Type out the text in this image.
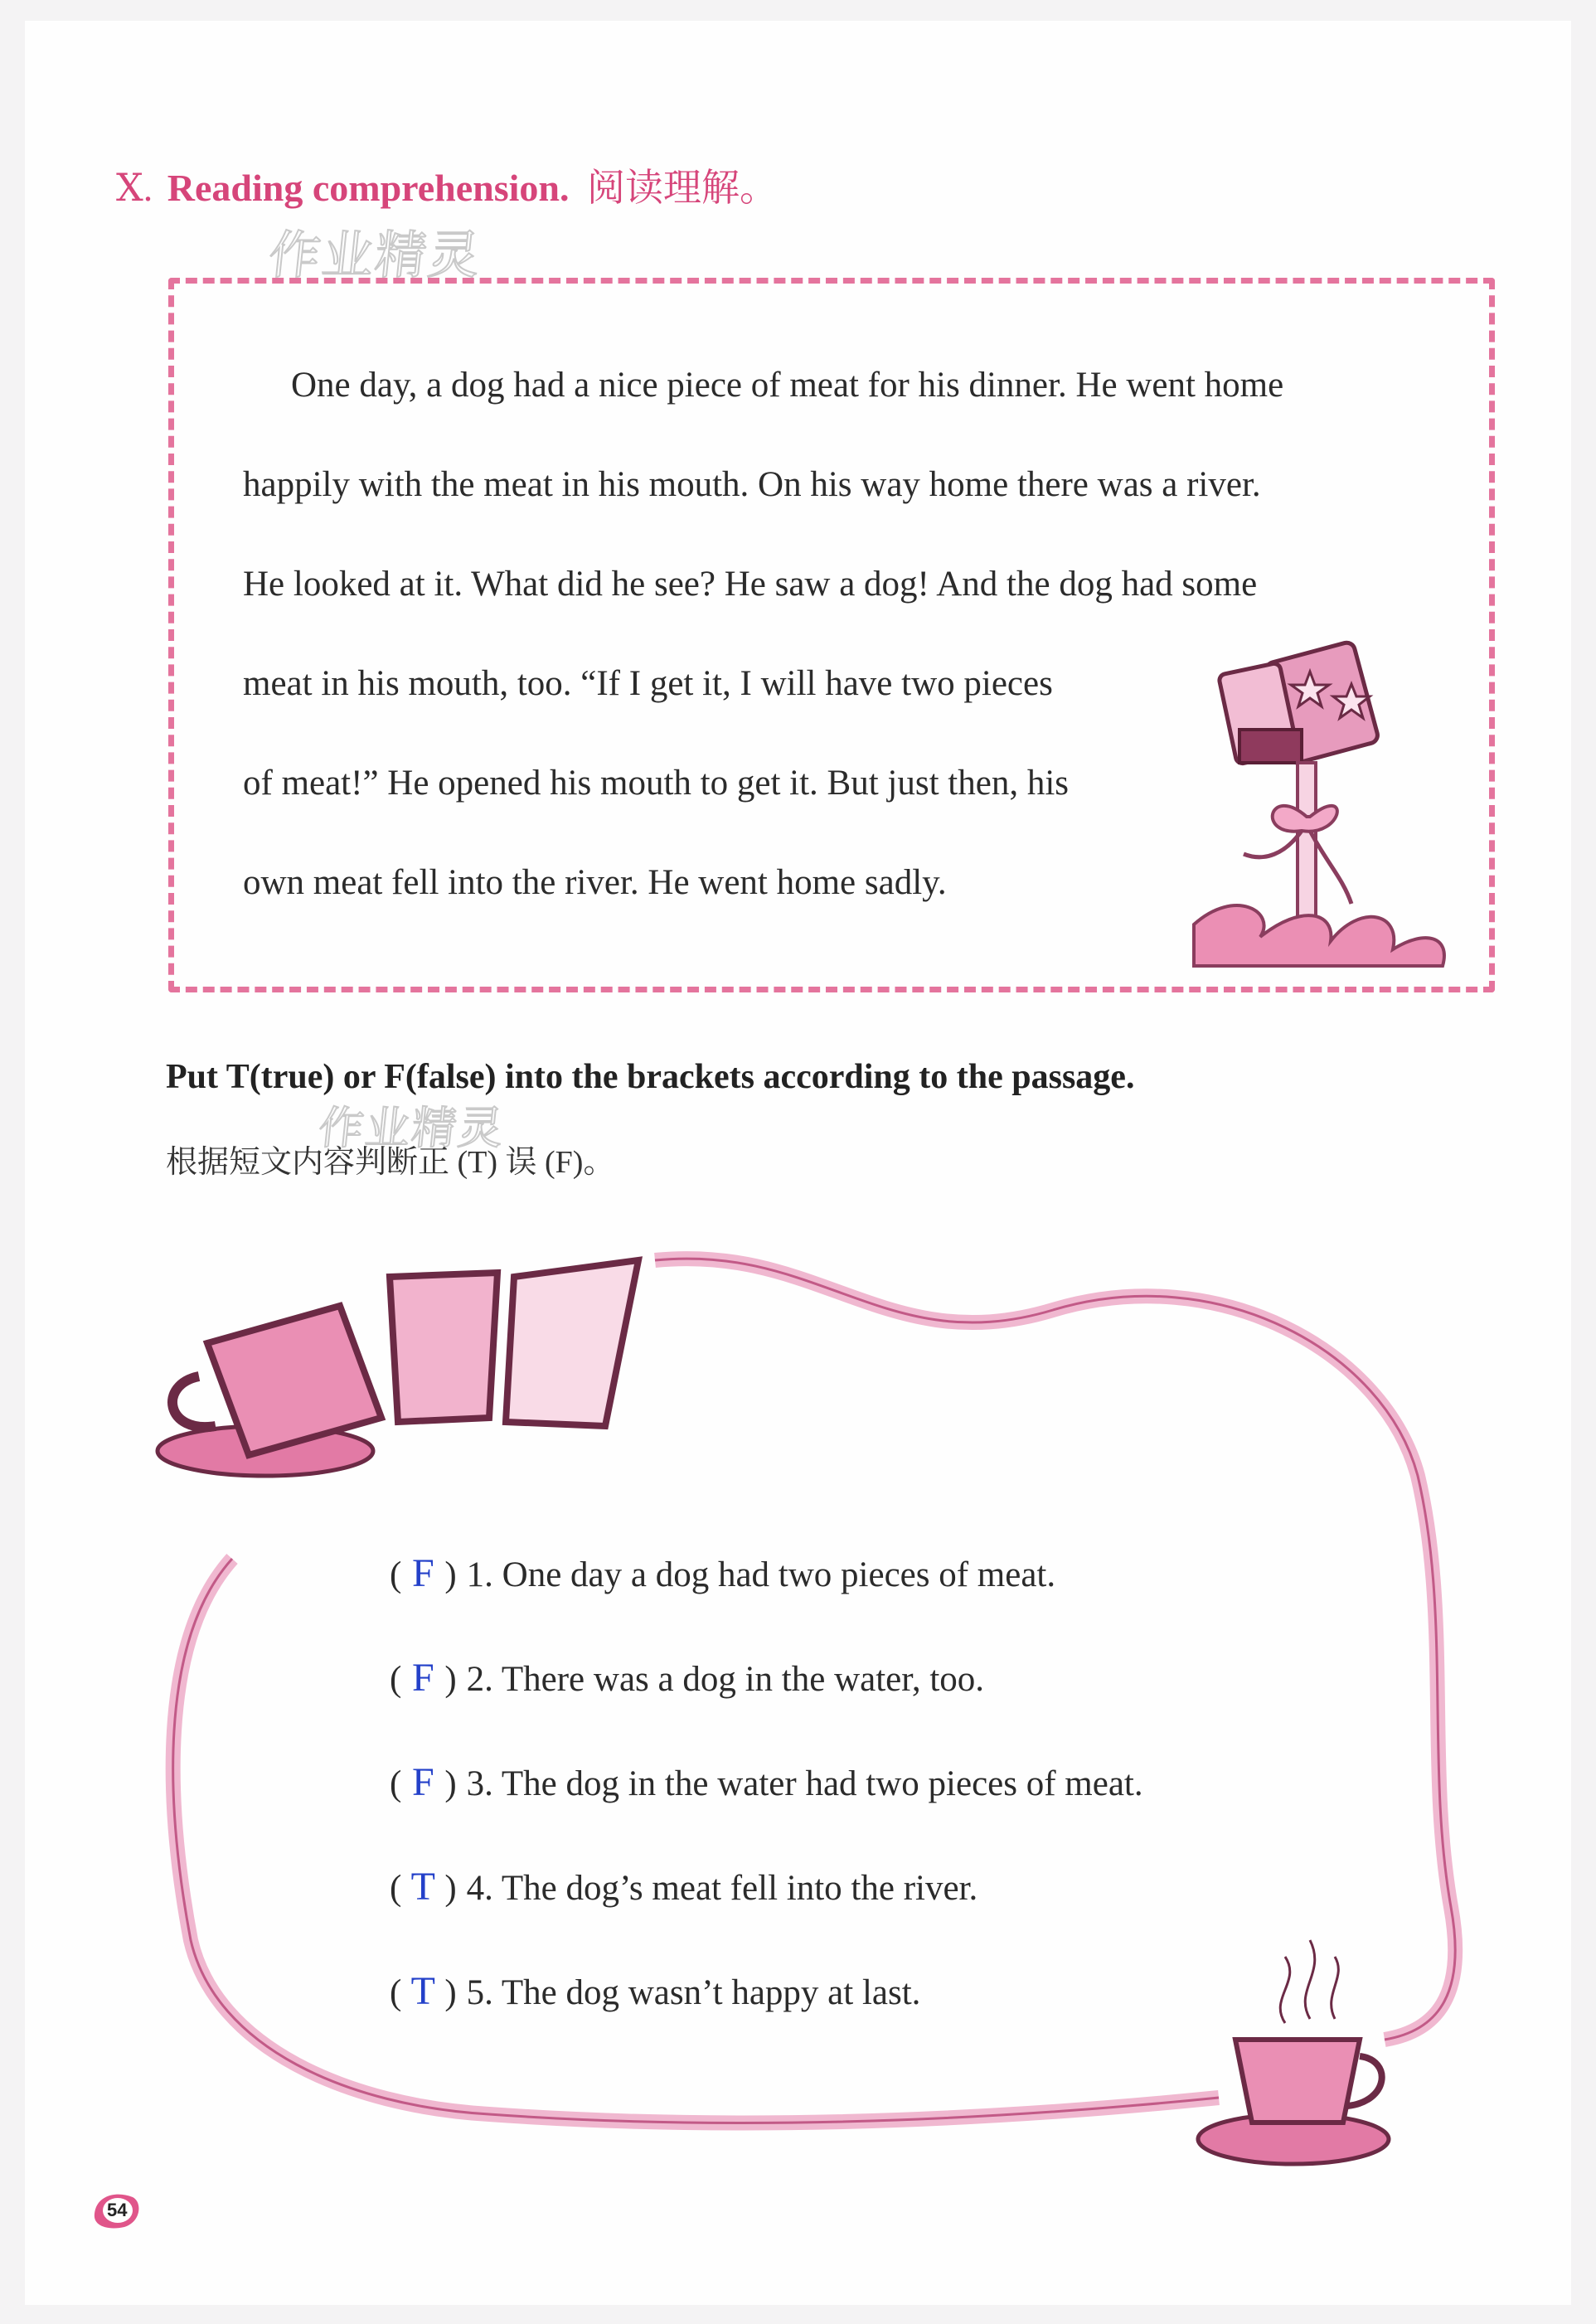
Ⅹ. Reading comprehension. 阅读理解。
作业精灵
作业精灵
One day, a dog had a nice piece of meat for his dinner. He went home
happily with the meat in his mouth. On his way home there was a river.
He looked at it. What did he see? He saw a dog! And the dog had some
meat in his mouth, too. “If I get it, I will have two pieces
of meat!” He opened his mouth to get it. But just then, his
own meat fell into the river. He went home sadly.
Put T(true) or F(false) into the brackets according to the passage.
根据短文内容判断正 (T) 误 (F)。
( F ) 1. One day a dog had two pieces of meat.
( F ) 2. There was a dog in the water, too.
( F ) 3. The dog in the water had two pieces of meat.
( T ) 4. The dog’s meat fell into the river.
( T ) 5. The dog wasn’t happy at last.
54
